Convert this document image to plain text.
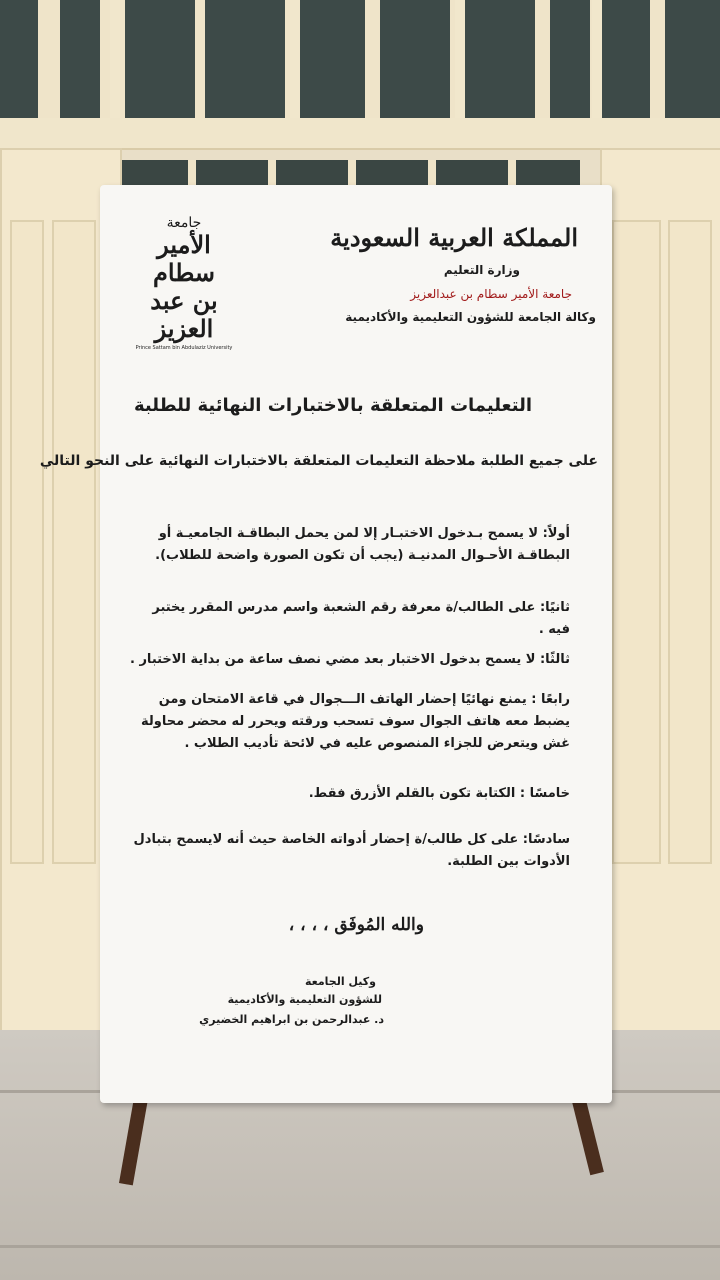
المملكة العربية السعودية
وزارة التعليم
جامعة الأمير سطام بن عبدالعزيز
وكالة الجامعة للشؤون التعليمية والأكاديمية
جامعة
الأمير سطام
بن عبد العزيز
Prince Sattam bin Abdulaziz University
التعليمات المتعلقة بالاختبارات النهائية للطلبة
على جميع الطلبة ملاحظة التعليمات المتعلقة بالاختبارات النهائية على النحو التالي
أولاً: لا يسمح بـدخول الاختبـار إلا لمن يحمل البطاقـة الجامعيـة أو البطاقـة الأحـوال المدنيـة (يجب أن تكون الصورة واضحة للطلاب).
ثانيًا: على الطالب/ة معرفة رقم الشعبة واسم مدرس المقرر يختبر فيه .
ثالثًا: لا يسمح بدخول الاختبار بعد مضي نصف ساعة من بداية الاختبار .
رابعًا : يمنع نهائيًا إحضار الهاتف الـــجوال في قاعة الامتحان ومن يضبط معه هاتف الجوال سوف تسحب ورقته ويحرر له محضر محاولة غش ويتعرض للجزاء المنصوص عليه في لائحة تأديب الطلاب .
خامسًا : الكتابة تكون بالقلم الأزرق فقط.
سادسًا: على كل طالب/ة إحضار أدواته الخاصة حيث أنه لايسمح بتبادل الأدوات بين الطلبة.
والله المُوفَق ، ، ، ،
وكيل الجامعة
للشؤون التعليمية والأكاديمية
د. عبدالرحمن بن ابراهيم الخضيري
